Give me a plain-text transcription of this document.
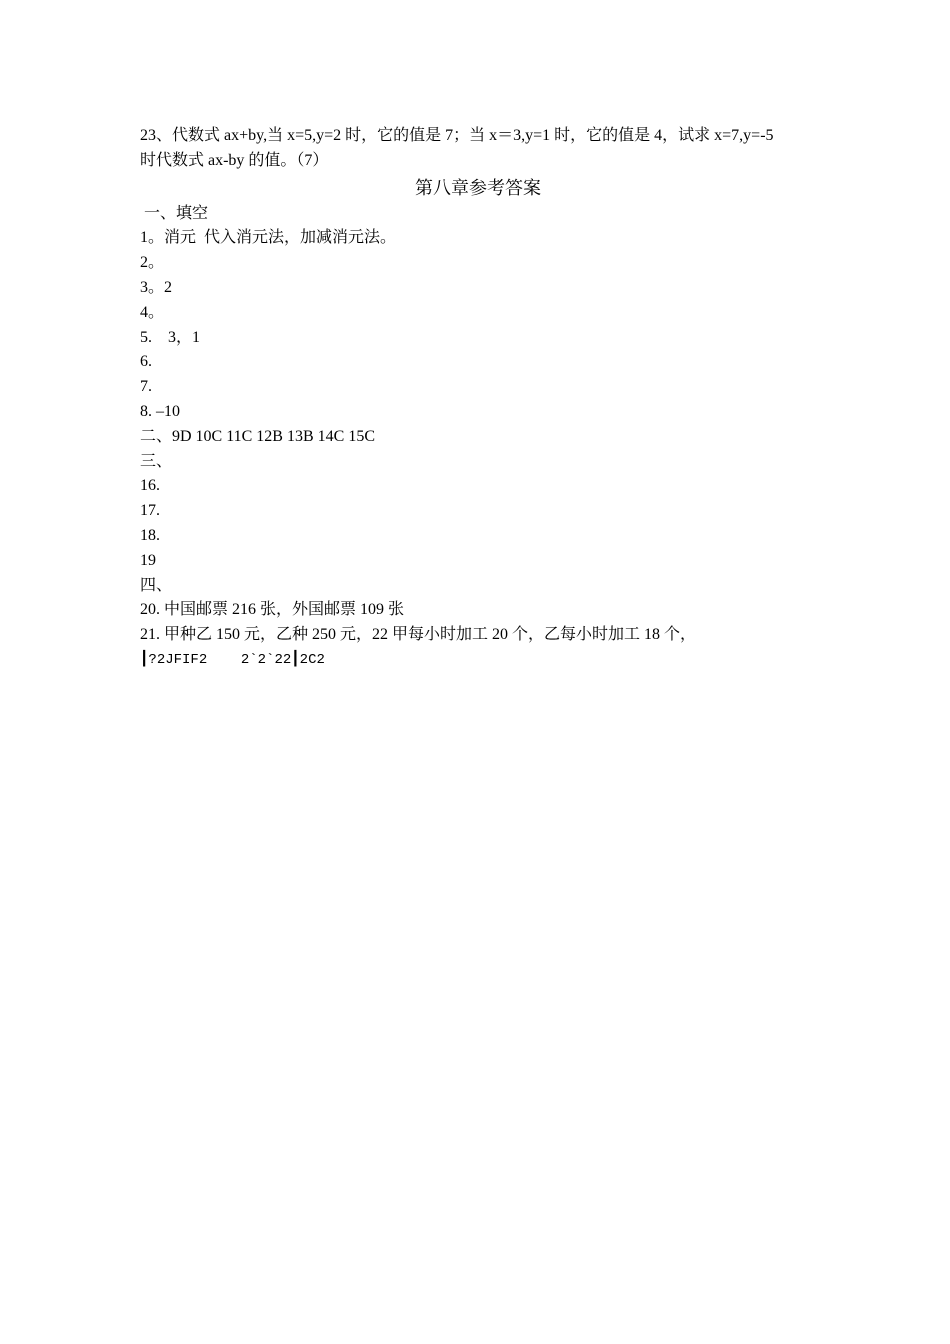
23、代数式 ax+by,当 x=5,y=2 时，它的值是 7；当 x＝3,y=1 时，它的值是 4，试求 x=7,y=-5

时代数式 ax-by 的值。（7）

第八章参考答案

一、填空

1。消元  代入消元法，加减消元法。

2。

3。2

4。

5.    3，1

6.

7.

8. –10

二、9D 10C 11C 12B 13B 14C 15C

三、

16.

17.

18.

19

四、

20. 中国邮票 216 张，外国邮票 109 张

21. 甲种乙 150 元，乙种 250 元，22 甲每小时加工 20 个，乙每小时加工 18 个，

┃?2JFIF2    2`2`22┃2C2
